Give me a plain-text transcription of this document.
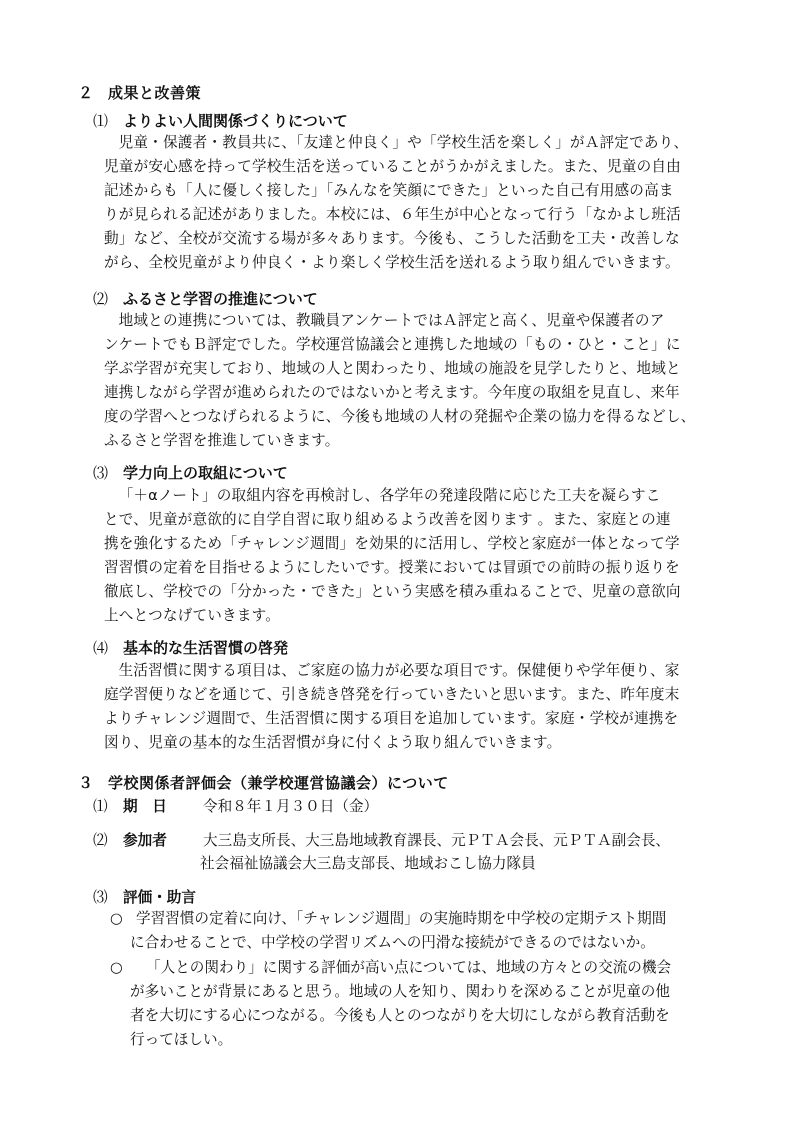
２ 成果と改善策
⑴ よりよい人間関係づくりについて
児童・保護者・教員共に、「友達と仲良く」や「学校生活を楽しく」がＡ評定であり、
児童が安心感を持って学校生活を送っていることがうかがえました。また、児童の自由
記述からも「人に優しく接した」「みんなを笑顔にできた」といった自己有用感の高ま
りが見られる記述がありました。本校には、６年生が中心となって行う「なかよし班活
動」など、全校が交流する場が多々あります。今後も、こうした活動を工夫・改善しな
がら、全校児童がより仲良く・より楽しく学校生活を送れるよう取り組んでいきます。
⑵ ふるさと学習の推進について
地域との連携については、教職員アンケートではＡ評定と高く、児童や保護者のア
ンケートでもＢ評定でした。学校運営協議会と連携した地域の「もの・ひと・こと」に
学ぶ学習が充実しており、地域の人と関わったり、地域の施設を見学したりと、地域と
連携しながら学習が進められたのではないかと考えます。今年度の取組を見直し、来年
度の学習へとつなげられるように、今後も地域の人材の発掘や企業の協力を得るなどし、
ふるさと学習を推進していきます。
⑶ 学力向上の取組について
「＋αノート」の取組内容を再検討し、各学年の発達段階に応じた工夫を凝らすこ
とで、児童が意欲的に自学自習に取り組めるよう改善を図ります 。また、家庭との連
携を強化するため「チャレンジ週間」を効果的に活用し、学校と家庭が一体となって学
習習慣の定着を目指せるようにしたいです。授業においては冒頭での前時の振り返りを
徹底し、学校での「分かった・できた」という実感を積み重ねることで、児童の意欲向
上へとつなげていきます。
⑷ 基本的な生活習慣の啓発
生活習慣に関する項目は、ご家庭の協力が必要な項目です。保健便りや学年便り、家
庭学習便りなどを通じて、引き続き啓発を行っていきたいと思います。また、昨年度末
よりチャレンジ週間で、生活習慣に関する項目を追加しています。家庭・学校が連携を
図り、児童の基本的な生活習慣が身に付くよう取り組んでいきます。
３ 学校関係者評価会（兼学校運営協議会）について
⑴ 期　日 令和８年１月３０日（金）
⑵ 参加者 大三島支所長、大三島地域教育課長、元ＰＴＡ会長、元ＰＴＡ副会長、
社会福祉協議会大三島支部長、地域おこし協力隊員
⑶ 評価・助言
○ 学習習慣の定着に向け、「チャレンジ週間」の実施時期を中学校の定期テスト期間
に合わせることで、中学校の学習リズムへの円滑な接続ができるのではないか。
○	「人との関わり」に関する評価が高い点については、地域の方々との交流の機会
が多いことが背景にあると思う。地域の人を知り、関わりを深めることが児童の他
者を大切にする心につながる。今後も人とのつながりを大切にしながら教育活動を
行ってほしい。
